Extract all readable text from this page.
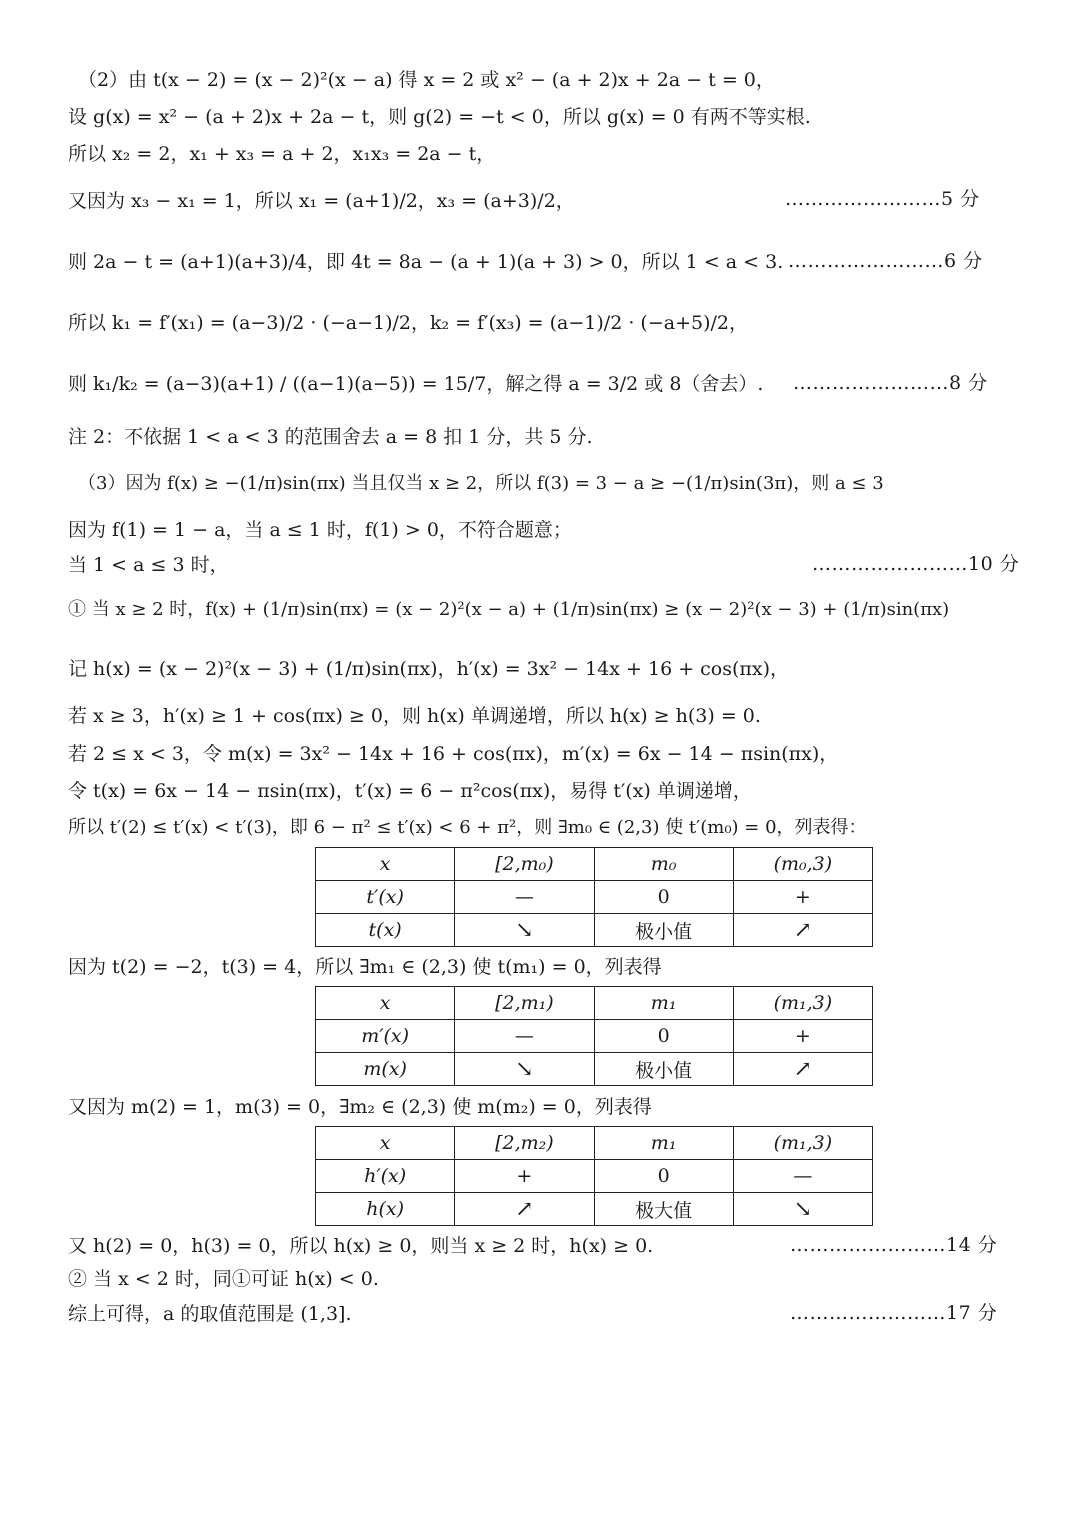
（2）由 t(x − 2) = (x − 2)²(x − a) 得 x = 2 或 x² − (a + 2)x + 2a − t = 0，
设 g(x) = x² − (a + 2)x + 2a − t，则 g(2) = −t < 0，所以 g(x) = 0 有两不等实根.
所以 x₂ = 2，x₁ + x₃ = a + 2，x₁x₃ = 2a − t，
又因为 x₃ − x₁ = 1，所以 x₁ = (a+1)/2，x₃ = (a+3)/2，	……………………5 分
则 2a − t = (a+1)(a+3)/4，即 4t = 8a − (a + 1)(a + 3) > 0，所以 1 < a < 3. ……………………6 分
所以 k₁ = f′(x₁) = (a−3)/2 · (−a−1)/2，k₂ = f′(x₃) = (a−1)/2 · (−a+5)/2，
则 k₁/k₂ = (a−3)(a+1) / ((a−1)(a−5)) = 15/7，解之得 a = 3/2 或 8（舍去）. ……………………8 分
注 2：不依据 1 < a < 3 的范围舍去 a = 8 扣 1 分，共 5 分.
（3）因为 f(x) ≥ −(1/π)sin(πx) 当且仅当 x ≥ 2，所以 f(3) = 3 − a ≥ −(1/π)sin(3π)，则 a ≤ 3
因为 f(1) = 1 − a，当 a ≤ 1 时，f(1) > 0，不符合题意；
当 1 < a ≤ 3 时，	……………………10 分
① 当 x ≥ 2 时，f(x) + (1/π)sin(πx) = (x − 2)²(x − a) + (1/π)sin(πx) ≥ (x − 2)²(x − 3) + (1/π)sin(πx)
记 h(x) = (x − 2)²(x − 3) + (1/π)sin(πx)，h′(x) = 3x² − 14x + 16 + cos(πx)，
若 x ≥ 3，h′(x) ≥ 1 + cos(πx) ≥ 0，则 h(x) 单调递增，所以 h(x) ≥ h(3) = 0.
若 2 ≤ x < 3，令 m(x) = 3x² − 14x + 16 + cos(πx)，m′(x) = 6x − 14 − πsin(πx)，
令 t(x) = 6x − 14 − πsin(πx)，t′(x) = 6 − π²cos(πx)，易得 t′(x) 单调递增，
所以 t′(2) ≤ t′(x) < t′(3)，即 6 − π² ≤ t′(x) < 6 + π²，则 ∃m₀ ∈ (2,3) 使 t′(m₀) = 0，列表得：
x	[2,m₀)	m₀	(m₀,3)
t′(x)	—	0	+
t(x)	↘	极小值	↗
因为 t(2) = −2，t(3) = 4，所以 ∃m₁ ∈ (2,3) 使 t(m₁) = 0，列表得
x	[2,m₁)	m₁	(m₁,3)
m′(x)	—	0	+
m(x)	↘	极小值	↗
又因为 m(2) = 1，m(3) = 0，∃m₂ ∈ (2,3) 使 m(m₂) = 0，列表得
x	[2,m₂)	m₁	(m₁,3)
h′(x)	+	0	—
h(x)	↗	极大值	↘
又 h(2) = 0，h(3) = 0，所以 h(x) ≥ 0，则当 x ≥ 2 时，h(x) ≥ 0.	……………………14 分
② 当 x < 2 时，同①可证 h(x) < 0.
综上可得，a 的取值范围是 (1,3].	……………………17 分
